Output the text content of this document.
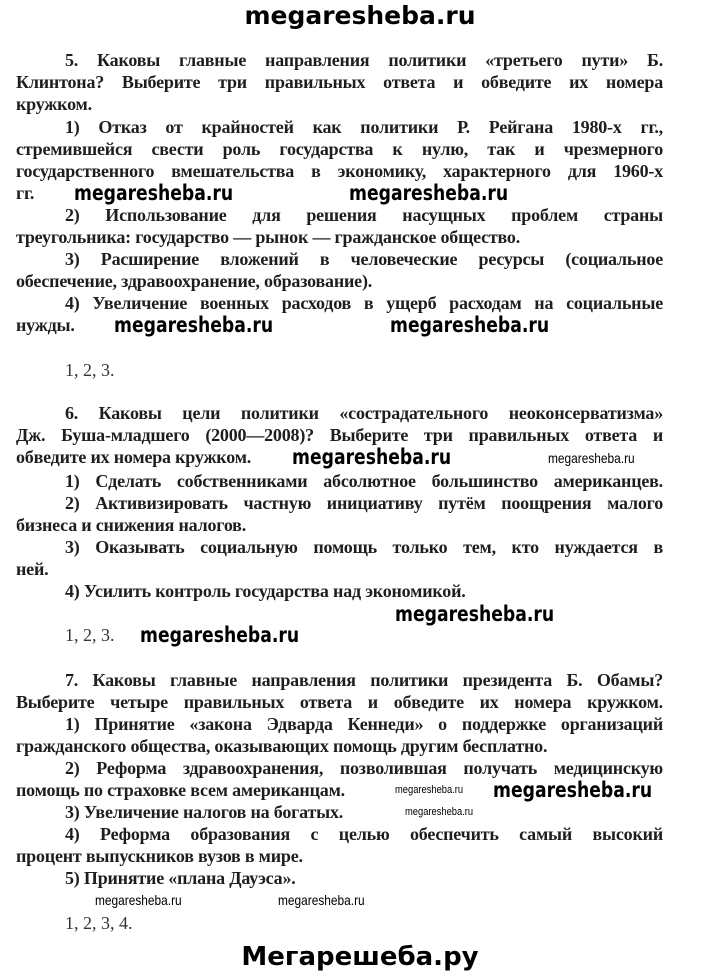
megaresheba.ru
5. Каковы главные направления политики «третьего пути» Б.
Клинтона? Выберите три правильных ответа и обведите их номера
кружком.
1) Отказ от крайностей как политики Р. Рейгана 1980-х гг.,
стремившейся свести роль государства к нулю, так и чрезмерного
государственного вмешательства в экономику, характерного для 1960-х
гг.
2) Использование для решения насущных проблем страны
треугольника: государство — рынок — гражданское общество.
3) Расширение вложений в человеческие ресурсы (социальное
обеспечение, здравоохранение, образование).
4) Увеличение военных расходов в ущерб расходам на социальные
нужды.
1, 2, 3.
6. Каковы цели политики «сострадательного неоконсерватизма»
Дж. Буша-младшего (2000—2008)? Выберите три правильных ответа и
обведите их номера кружком.
1) Сделать собственниками абсолютное большинство американцев.
2) Активизировать частную инициативу путём поощрения малого
бизнеса и снижения налогов.
3) Оказывать социальную помощь только тем, кто нуждается в
ней.
4) Усилить контроль государства над экономикой.
1, 2, 3.
7. Каковы главные направления политики президента Б. Обамы?
Выберите четыре правильных ответа и обведите их номера кружком.
1) Принятие «закона Эдварда Кеннеди» о поддержке организаций
гражданского общества, оказывающих помощь другим бесплатно.
2) Реформа здравоохранения, позволившая получать медицинскую
помощь по страховке всем американцам.
3) Увеличение налогов на богатых.
4) Реформа образования с целью обеспечить самый высокий
процент выпускников вузов в мире.
5) Принятие «плана Дауэса».
1, 2, 3, 4.
megaresheba.ru	megaresheba.ru
megaresheba.ru	megaresheba.ru
megaresheba.ru	megaresheba.ru
megaresheba.ru
megaresheba.ru
megaresheba.ru megaresheba.ru
megaresheba.ru
megaresheba.ru	megaresheba.ru
Мегарешеба.ру
